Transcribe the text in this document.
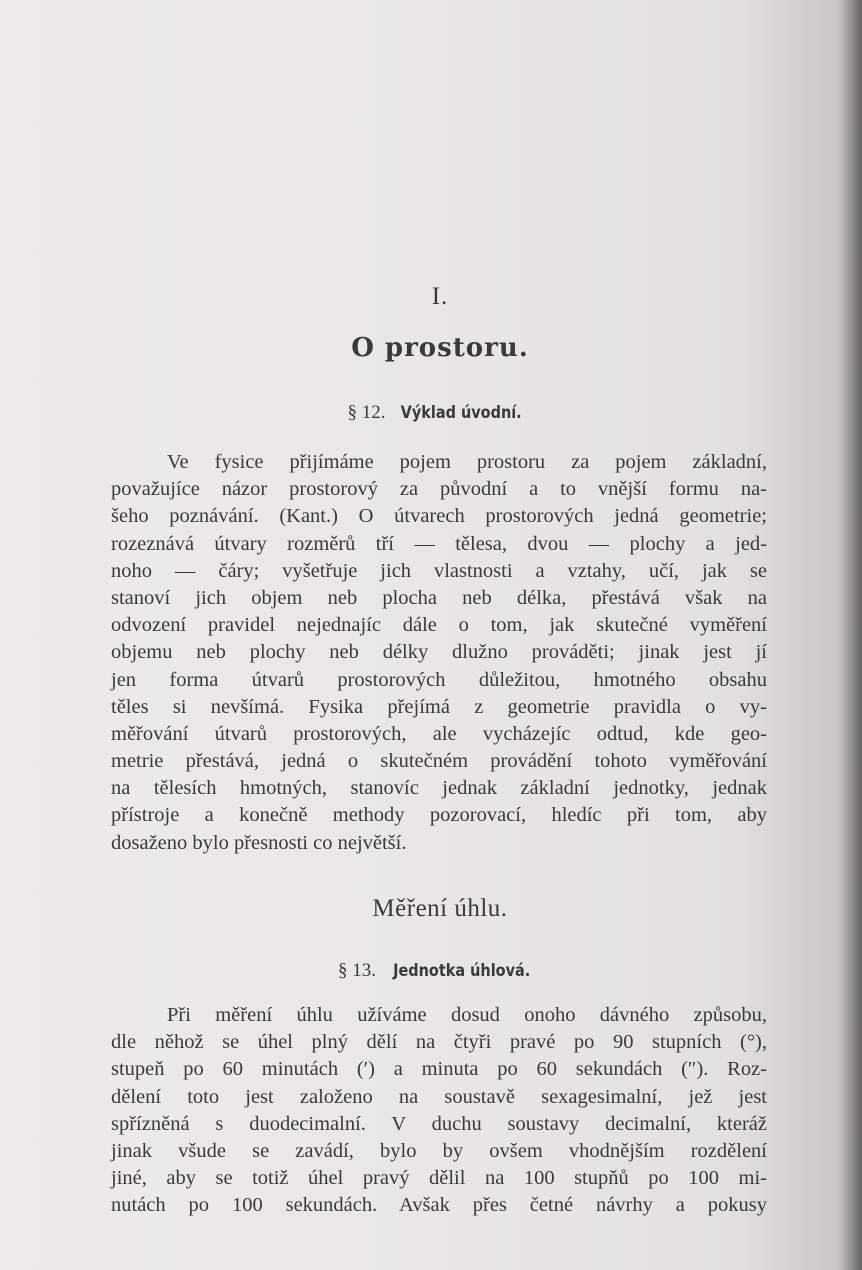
I.
O prostoru.
§ 12. Výklad úvodní.
Ve fysice přijímáme pojem prostoru za pojem základní,
považujíce názor prostorový za původní a to vnější formu na-
šeho poznávání. (Kant.) O útvarech prostorových jedná geometrie;
rozeznává útvary rozměrů tří — tělesa, dvou — plochy a jed-
noho — čáry; vyšetřuje jich vlastnosti a vztahy, učí, jak se
stanoví jich objem neb plocha neb délka, přestává však na
odvození pravidel nejednajíc dále o tom, jak skutečné vyměření
objemu neb plochy neb délky dlužno prováděti; jinak jest jí
jen forma útvarů prostorových důležitou, hmotného obsahu
těles si nevšímá. Fysika přejímá z geometrie pravidla o vy-
měřování útvarů prostorových, ale vycházejíc odtud, kde geo-
metrie přestává, jedná o skutečném provádění tohoto vyměřování
na tělesích hmotných, stanovíc jednak základní jednotky, jednak
přístroje a konečně methody pozorovací, hledíc při tom, aby
dosaženo bylo přesnosti co největší.
Měření úhlu.
§ 13. Jednotka úhlová.
Při měření úhlu užíváme dosud onoho dávného způsobu,
dle něhož se úhel plný dělí na čtyři pravé po 90 stupních (°),
stupeň po 60 minutách (′) a minuta po 60 sekundách (″). Roz-
dělení toto jest založeno na soustavě sexagesimalní, jež jest
spřízněná s duodecimalní. V duchu soustavy decimalní, kteráž
jinak všude se zavádí, bylo by ovšem vhodnějším rozdělení
jiné, aby se totiž úhel pravý dělil na 100 stupňů po 100 mi-
nutách po 100 sekundách. Avšak přes četné návrhy a pokusy
